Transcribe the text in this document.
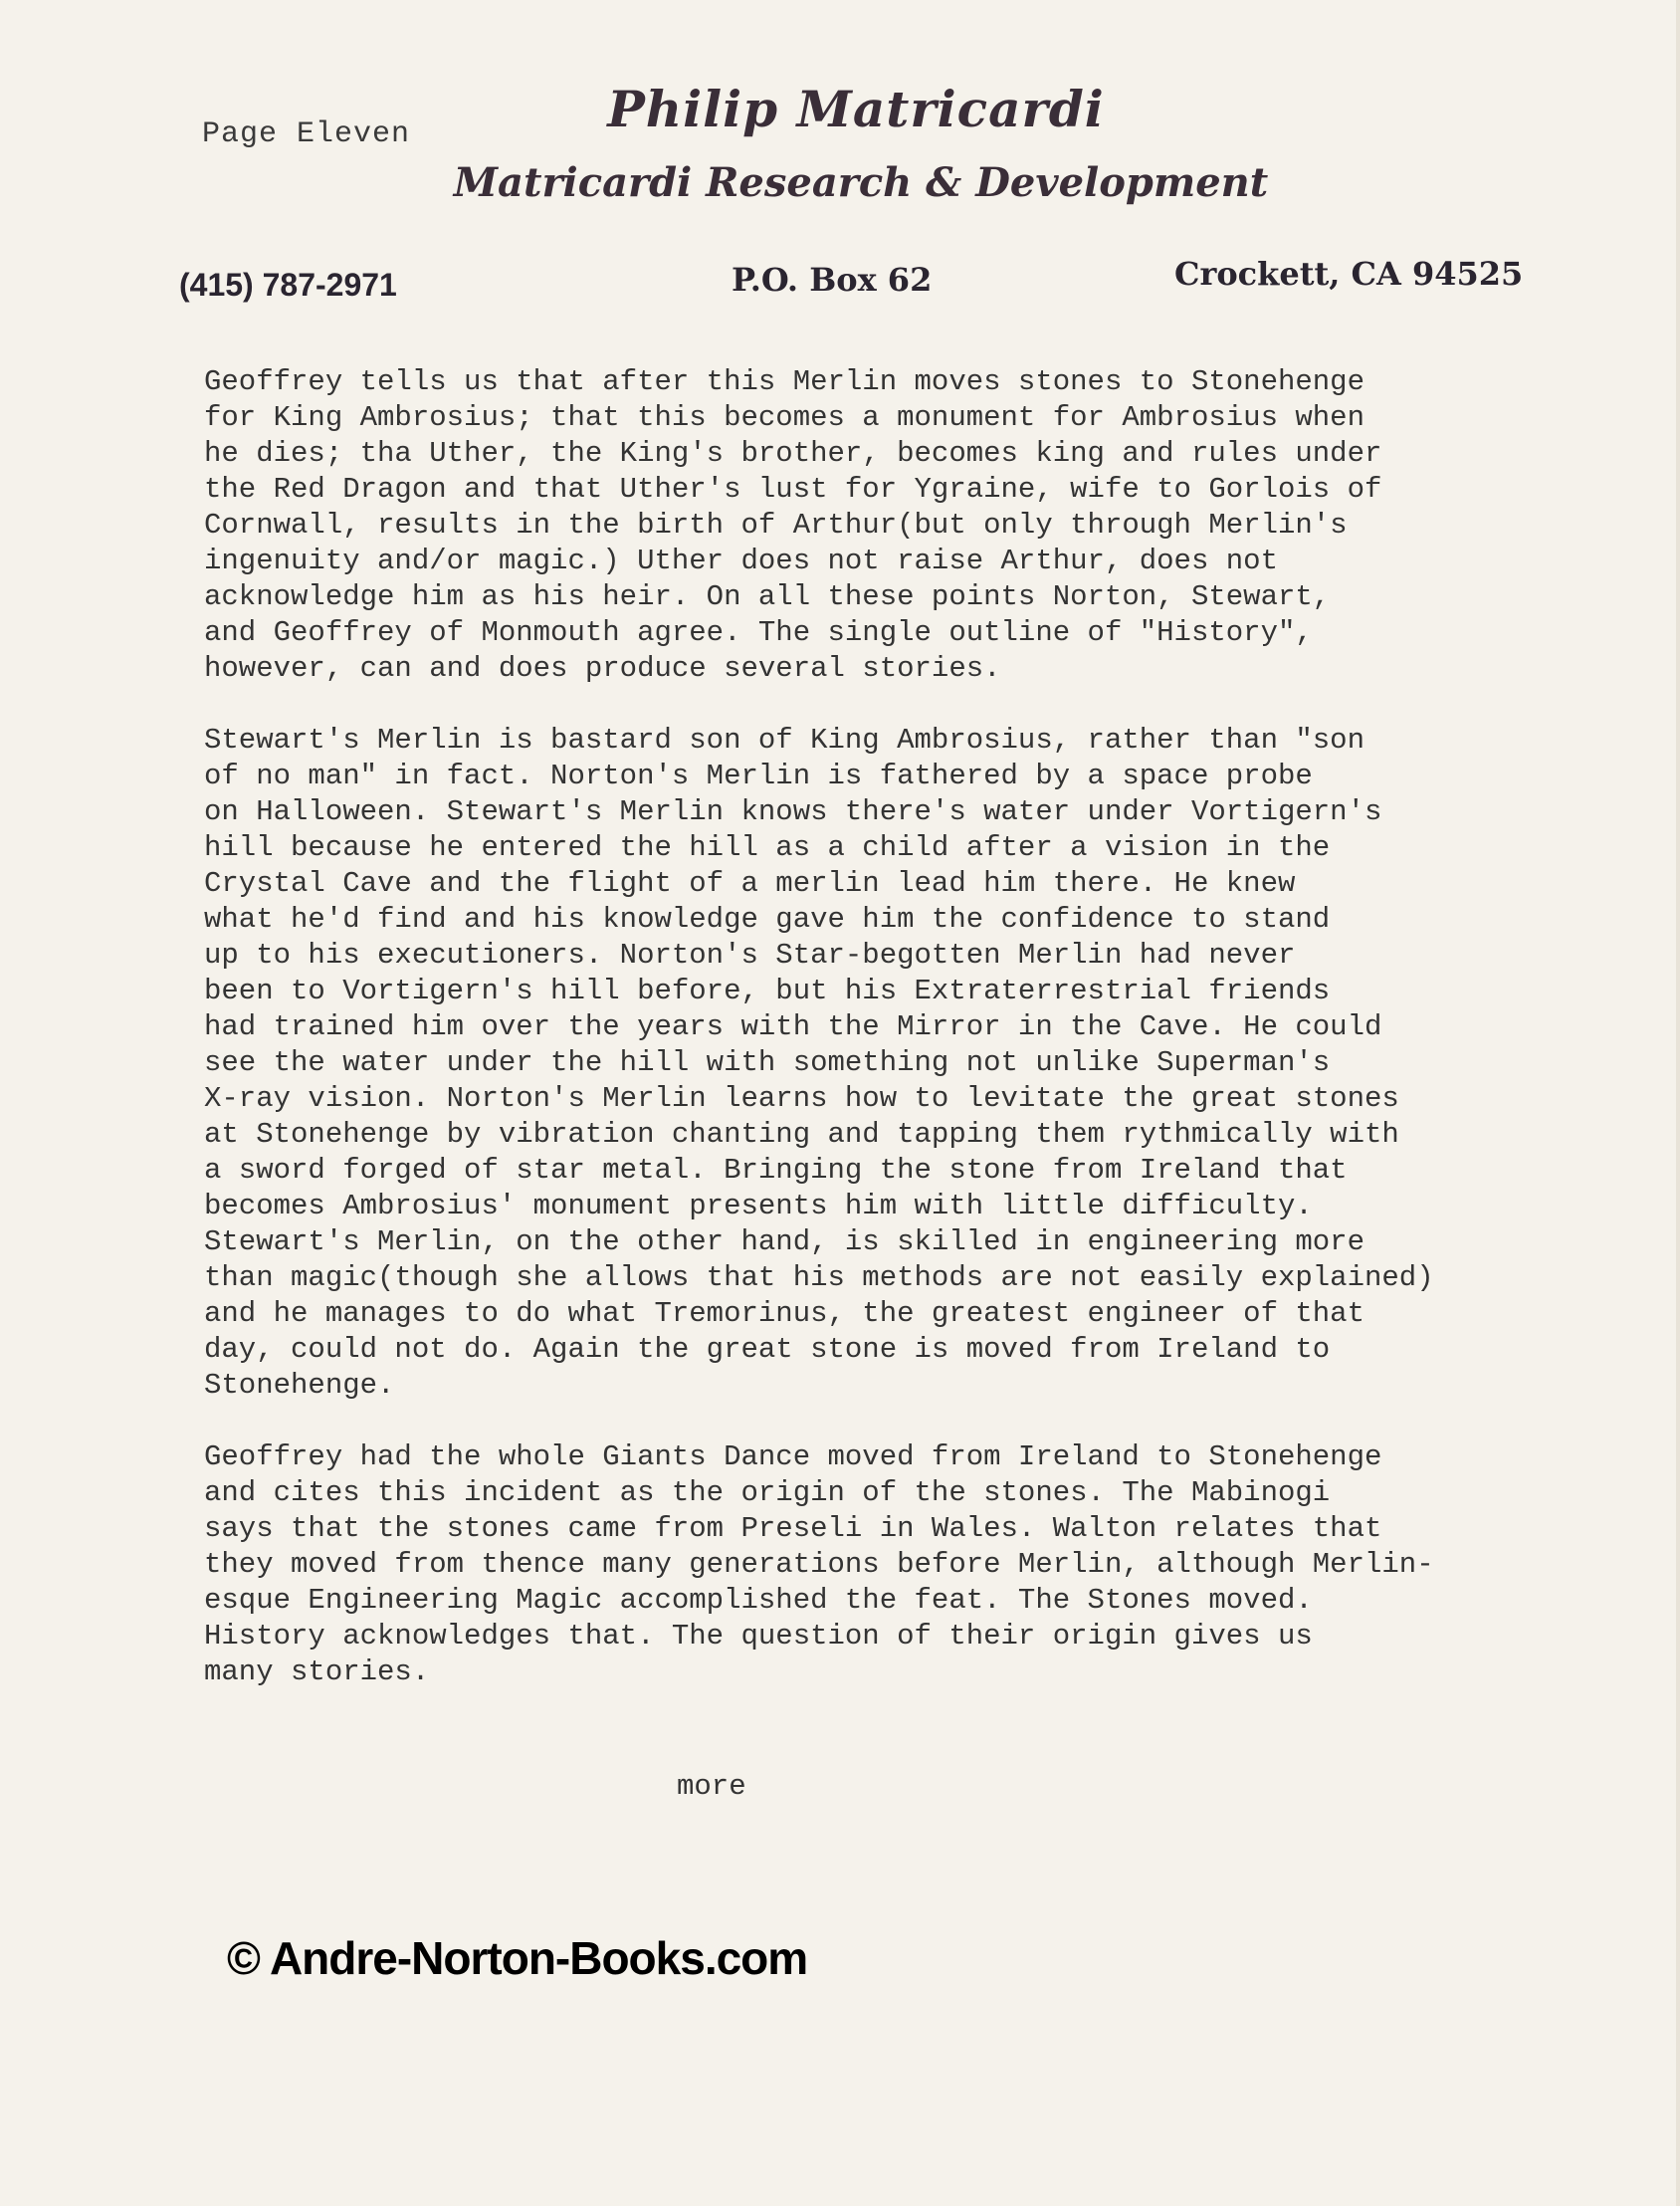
Page Eleven	Philip Matricardi
Matricardi Research & Development
(415) 787-2971	P.O. Box 62	Crockett, CA 94525
Geoffrey tells us that after this Merlin moves stones to Stonehenge
for King Ambrosius; that this becomes a monument for Ambrosius when
he dies; tha Uther, the King's brother, becomes king and rules under
the Red Dragon and that Uther's lust for Ygraine, wife to Gorlois of
Cornwall, results in the birth of Arthur(but only through Merlin's
ingenuity and/or magic.) Uther does not raise Arthur, does not
acknowledge him as his heir. On all these points Norton, Stewart,
and Geoffrey of Monmouth agree. The single outline of "History",
however, can and does produce several stories.
Stewart's Merlin is bastard son of King Ambrosius, rather than "son
of no man" in fact. Norton's Merlin is fathered by a space probe
on Halloween. Stewart's Merlin knows there's water under Vortigern's
hill because he entered the hill as a child after a vision in the
Crystal Cave and the flight of a merlin lead him there. He knew
what he'd find and his knowledge gave him the confidence to stand
up to his executioners. Norton's Star-begotten Merlin had never
been to Vortigern's hill before, but his Extraterrestrial friends
had trained him over the years with the Mirror in the Cave. He could
see the water under the hill with something not unlike Superman's
X-ray vision. Norton's Merlin learns how to levitate the great stones
at Stonehenge by vibration chanting and tapping them rythmically with
a sword forged of star metal. Bringing the stone from Ireland that
becomes Ambrosius' monument presents him with little difficulty.
Stewart's Merlin, on the other hand, is skilled in engineering more
than magic(though she allows that his methods are not easily explained)
and he manages to do what Tremorinus, the greatest engineer of that
day, could not do. Again the great stone is moved from Ireland to
Stonehenge.
Geoffrey had the whole Giants Dance moved from Ireland to Stonehenge
and cites this incident as the origin of the stones. The Mabinogi
says that the stones came from Preseli in Wales. Walton relates that
they moved from thence many generations before Merlin, although Merlin-
esque Engineering Magic accomplished the feat. The Stones moved.
History acknowledges that. The question of their origin gives us
many stories.
more
© Andre-Norton-Books.com
